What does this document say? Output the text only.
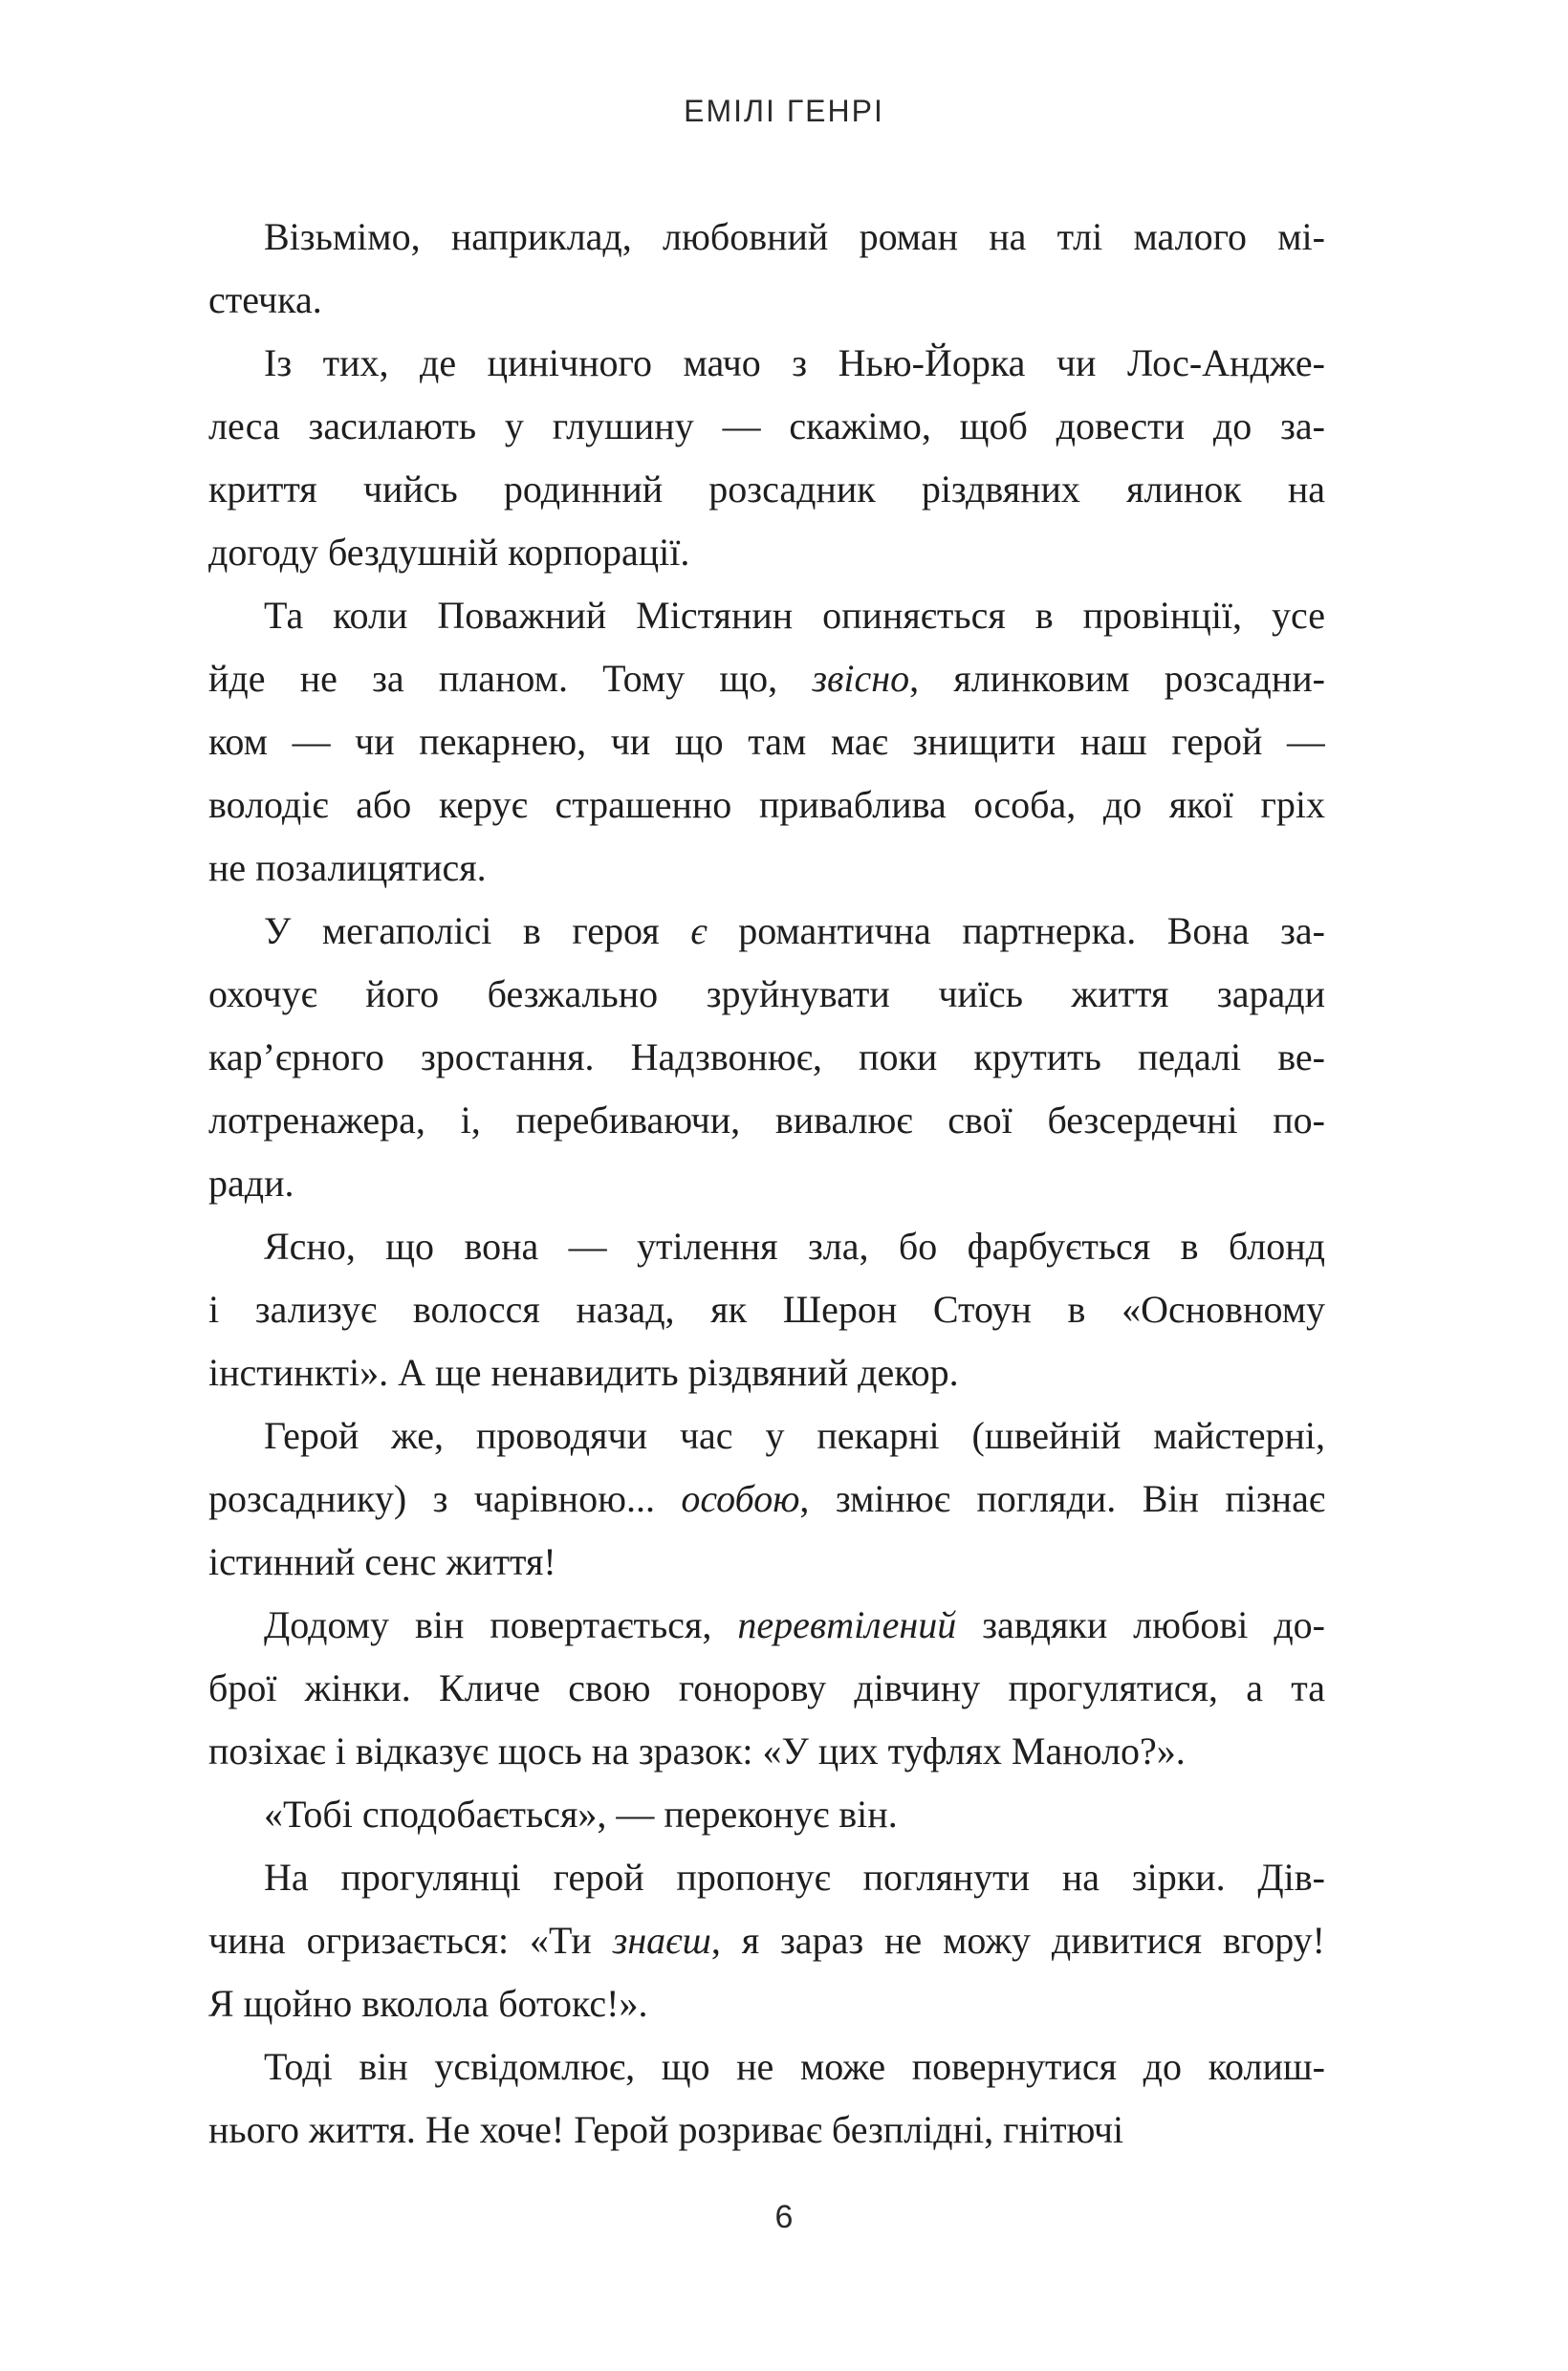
ЕМІЛІ ГЕНРІ
Візьмімо, наприклад, любовний роман на тлі малого мі-
стечка.
Із тих, де цинічного мачо з Нью-Йорка чи Лос-Андже-
леса засилають у глушину — скажімо, щоб довести до за-
криття чийсь родинний розсадник різдвяних ялинок на
догоду бездушній корпорації.
Та коли Поважний Містянин опиняється в провінції, усе
йде не за планом. Тому що, звісно, ялинковим розсадни-
ком — чи пекарнею, чи що там має знищити наш герой —
володіє або керує страшенно приваблива особа, до якої гріх
не позалицятися.
У мегаполісі в героя є романтична партнерка. Вона за-
охочує його безжально зруйнувати чиїсь життя заради
кар’єрного зростання. Надзвонює, поки крутить педалі ве-
лотренажера, і, перебиваючи, вивалює свої безсердечні по-
ради.
Ясно, що вона — утілення зла, бо фарбується в блонд
і зализує волосся назад, як Шерон Стоун в «Основному
інстинкті». А ще ненавидить різдвяний декор.
Герой же, проводячи час у пекарні (швейній майстерні,
розсаднику) з чарівною... особою, змінює погляди. Він пізнає
істинний сенс життя!
Додому він повертається, перевтілений завдяки любові до-
брої жінки. Кличе свою гонорову дівчину прогулятися, а та
позіхає і відказує щось на зразок: «У цих туфлях Маноло?».
«Тобі сподобається», — переконує він.
На прогулянці герой пропонує поглянути на зірки. Дів-
чина огризається: «Ти знаєш, я зараз не можу дивитися вгору!
Я щойно вколола ботокс!».
Тоді він усвідомлює, що не може повернутися до колиш-
нього життя. Не хоче! Герой розриває безплідні, гнітючі
6
